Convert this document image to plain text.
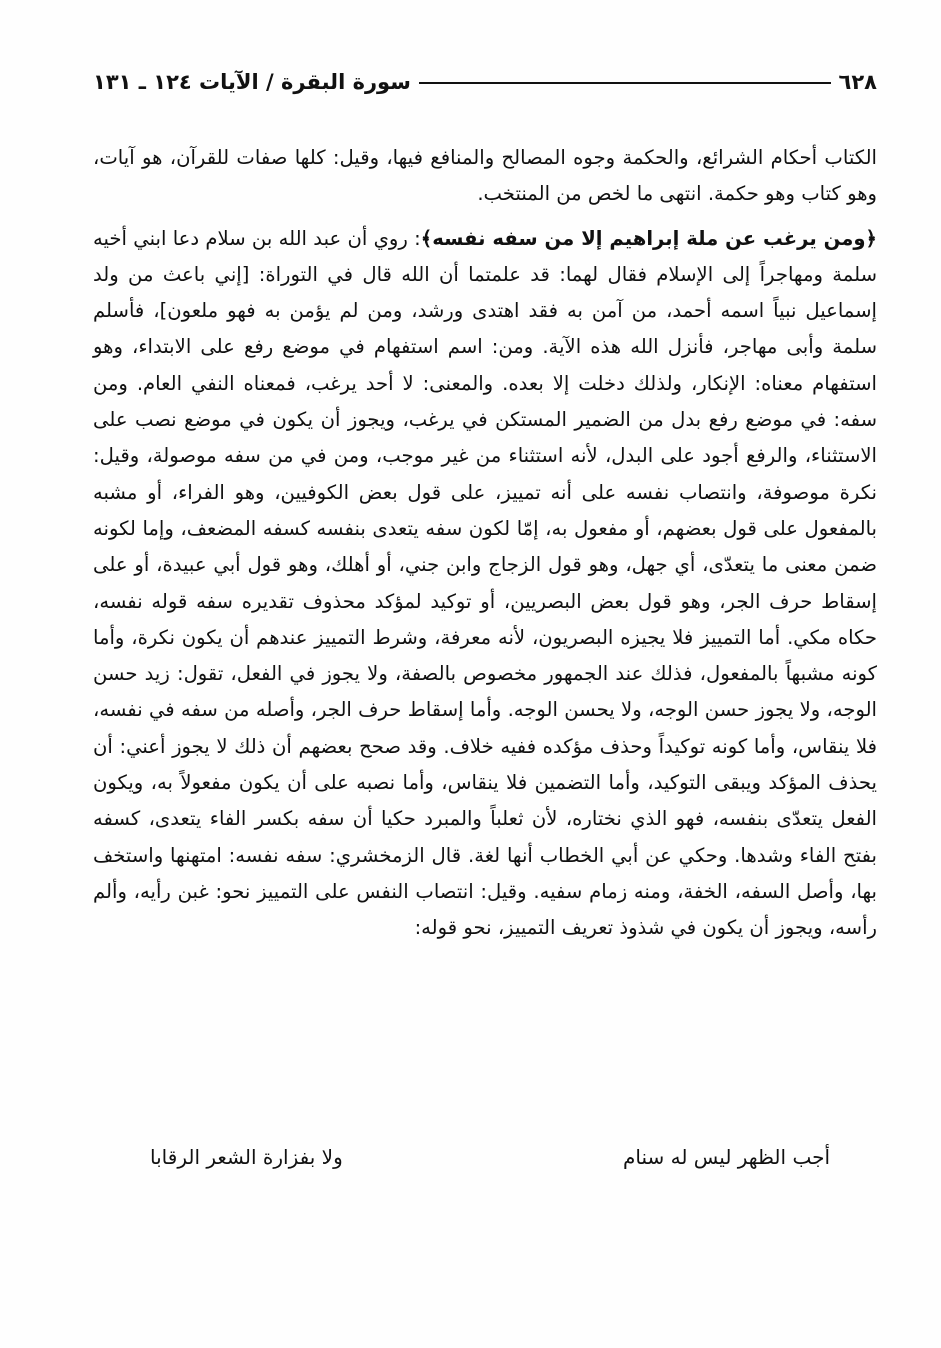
٦٢٨
سورة البقرة / الآيات ١٢٤ ـ ١٣١

الكتاب أحكام الشرائع، والحكمة وجوه المصالح والمنافع فيها، وقيل: كلها صفات للقرآن، هو آيات، وهو كتاب وهو حكمة. انتهى ما لخص من المنتخب.

﴿ومن يرغب عن ملة إبراهيم إلا من سفه نفسه﴾: روي أن عبد الله بن سلام دعا ابني أخيه سلمة ومهاجراً إلى الإسلام فقال لهما: قد علمتما أن الله قال في التوراة: [إني باعث من ولد إسماعيل نبياً اسمه أحمد، من آمن به فقد اهتدى ورشد، ومن لم يؤمن به فهو ملعون]، فأسلم سلمة وأبى مهاجر، فأنزل الله هذه الآية. ومن: اسم استفهام في موضع رفع على الابتداء، وهو استفهام معناه: الإنكار، ولذلك دخلت إلا بعده. والمعنى: لا أحد يرغب، فمعناه النفي العام. ومن سفه: في موضع رفع بدل من الضمير المستكن في يرغب، ويجوز أن يكون في موضع نصب على الاستثناء، والرفع أجود على البدل، لأنه استثناء من غير موجب، ومن في من سفه موصولة، وقيل: نكرة موصوفة، وانتصاب نفسه على أنه تمييز، على قول بعض الكوفيين، وهو الفراء، أو مشبه بالمفعول على قول بعضهم، أو مفعول به، إمّا لكون سفه يتعدى بنفسه كسفه المضعف، وإما لكونه ضمن معنى ما يتعدّى، أي جهل، وهو قول الزجاج وابن جني، أو أهلك، وهو قول أبي عبيدة، أو على إسقاط حرف الجر، وهو قول بعض البصريين، أو توكيد لمؤكد محذوف تقديره سفه قوله نفسه، حكاه مكي. أما التمييز فلا يجيزه البصريون، لأنه معرفة، وشرط التمييز عندهم أن يكون نكرة، وأما كونه مشبهاً بالمفعول، فذلك عند الجمهور مخصوص بالصفة، ولا يجوز في الفعل، تقول: زيد حسن الوجه، ولا يجوز حسن الوجه، ولا يحسن الوجه. وأما إسقاط حرف الجر، وأصله من سفه في نفسه، فلا ينقاس، وأما كونه توكيداً وحذف مؤكده ففيه خلاف. وقد صحح بعضهم أن ذلك لا يجوز أعني: أن يحذف المؤكد ويبقى التوكيد، وأما التضمين فلا ينقاس، وأما نصبه على أن يكون مفعولاً به، ويكون الفعل يتعدّى بنفسه، فهو الذي نختاره، لأن ثعلباً والمبرد حكيا أن سفه بكسر الفاء يتعدى، كسفه بفتح الفاء وشدها. وحكي عن أبي الخطاب أنها لغة. قال الزمخشري: سفه نفسه: امتهنها واستخف بها، وأصل السفه، الخفة، ومنه زمام سفيه. وقيل: انتصاب النفس على التمييز نحو: غبن رأيه، وألم رأسه، ويجوز أن يكون في شذوذ تعريف التمييز، نحو قوله:

أجب الظهر ليس له سنام
ولا بفزارة الشعر الرقابا
